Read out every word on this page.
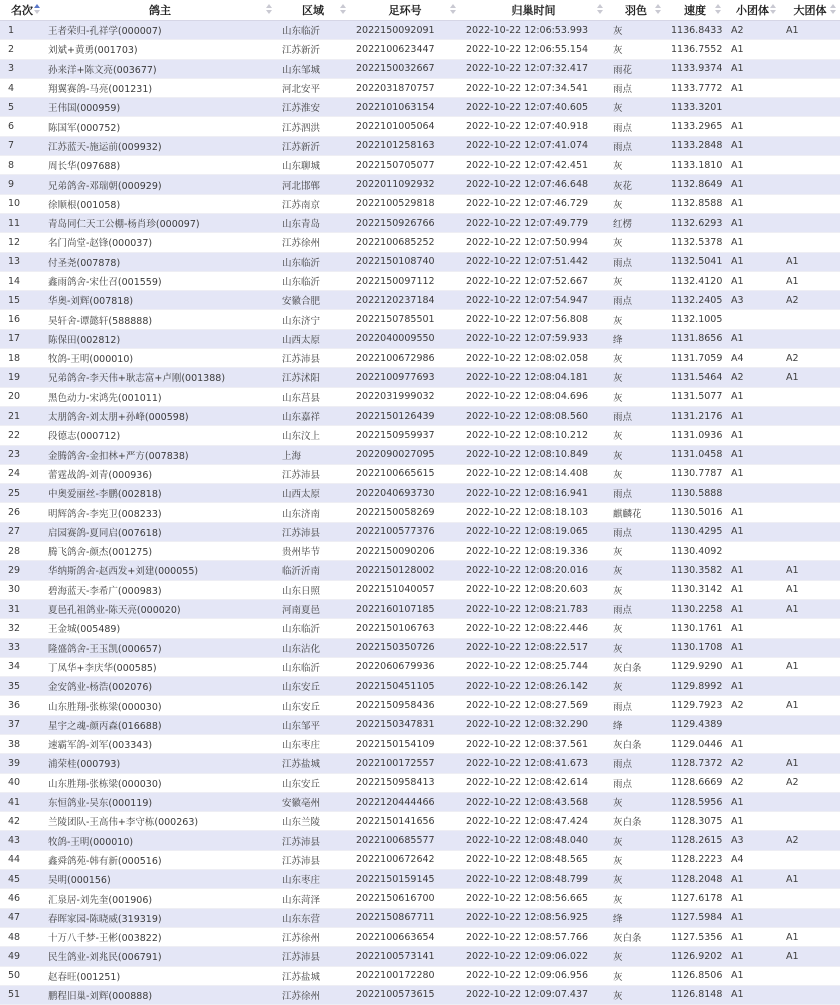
名次	鸽主	区域	足环号	归巢时间	羽色	速度	小团体	大团体

1	王者荣归-孔祥学(000007)	山东临沂	2022150092091	2022-10-22 12:06:53.993	灰	1136.8433	A2	A1
2	刘斌+黄勇(001703)	江苏新沂	2022100623447	2022-10-22 12:06:55.154	灰	1136.7552	A1	
3	孙来洋+陈文亮(003677)	山东邹城	2022150032667	2022-10-22 12:07:32.417	雨花	1133.9374	A1	
4	翔翼赛鸽-马亮(001231)	河北安平	2022031870757	2022-10-22 12:07:34.541	雨点	1133.7772	A1	
5	王伟国(000959)	江苏淮安	2022101063154	2022-10-22 12:07:40.605	灰	1133.3201		
6	陈国军(000752)	江苏泗洪	2022101005064	2022-10-22 12:07:40.918	雨点	1133.2965	A1	
7	江苏蓝天-施运前(009932)	江苏新沂	2022101258163	2022-10-22 12:07:41.074	雨点	1133.2848	A1	
8	周长华(097688)	山东聊城	2022150705077	2022-10-22 12:07:42.451	灰	1133.1810	A1	
9	兄弟鸽舍-邓瑞朝(000929)	河北邯郸	2022011092932	2022-10-22 12:07:46.648	灰花	1132.8649	A1	
10	徐顺根(001058)	江苏南京	2022100529818	2022-10-22 12:07:46.729	灰	1132.8588	A1	
11	青岛同仁天工公棚-杨肖珍(000097)	山东青岛	2022150926766	2022-10-22 12:07:49.779	红楞	1132.6293	A1	
12	名门尚堂-赵锋(000037)	江苏徐州	2022100685252	2022-10-22 12:07:50.994	灰	1132.5378	A1	
13	付圣尧(007878)	山东临沂	2022150108740	2022-10-22 12:07:51.442	雨点	1132.5041	A1	A1
14	鑫雨鸽舍-宋仕召(001559)	山东临沂	2022150097112	2022-10-22 12:07:52.667	灰	1132.4120	A1	A1
15	华奥-刘辉(007818)	安徽合肥	2022120237184	2022-10-22 12:07:54.947	雨点	1132.2405	A3	A2
16	昊轩舍-谭懿轩(588888)	山东济宁	2022150785501	2022-10-22 12:07:56.808	灰	1132.1005		
17	陈保田(002812)	山西太原	2022040009550	2022-10-22 12:07:59.933	绛	1131.8656	A1	
18	牧鸽-王明(000010)	江苏沛县	2022100672986	2022-10-22 12:08:02.058	灰	1131.7059	A4	A2
19	兄弟鸽舍-李天伟+耿志富+卢刚(001388)	江苏沭阳	2022100977693	2022-10-22 12:08:04.181	灰	1131.5464	A2	A1
20	黑色动力-宋鸿先(001011)	山东莒县	2022031999032	2022-10-22 12:08:04.696	灰	1131.5077	A1	
21	太朋鸽舍-刘太朋+孙峰(000598)	山东嘉祥	2022150126439	2022-10-22 12:08:08.560	雨点	1131.2176	A1	
22	段德志(000712)	山东汶上	2022150959937	2022-10-22 12:08:10.212	灰	1131.0936	A1	
23	金腾鸽舍-金扣林+严方(007838)	上海	2022090027095	2022-10-22 12:08:10.849	灰	1131.0458	A1	
24	蕾霆战鸽-刘青(000936)	江苏沛县	2022100665615	2022-10-22 12:08:14.408	灰	1130.7787	A1	
25	中奥爱丽丝-李鹏(002818)	山西太原	2022040693730	2022-10-22 12:08:16.941	雨点	1130.5888		
26	明辉鸽舍-李宪卫(008233)	山东济南	2022150058269	2022-10-22 12:08:18.103	麒麟花	1130.5016	A1	
27	启园赛鸽-夏同启(007618)	江苏沛县	2022100577376	2022-10-22 12:08:19.065	雨点	1130.4295	A1	
28	腾飞鸽舍-颜杰(001275)	贵州毕节	2022150090206	2022-10-22 12:08:19.336	灰	1130.4092		
29	华纳斯鸽舍-赵西发+刘建(000055)	临沂沂南	2022150128002	2022-10-22 12:08:20.016	灰	1130.3582	A1	A1
30	碧海蓝天-李希广(000983)	山东日照	2022151040057	2022-10-22 12:08:20.603	灰	1130.3142	A1	A1
31	夏邑孔祖鸽业-陈天亮(000020)	河南夏邑	2022160107185	2022-10-22 12:08:21.783	雨点	1130.2258	A1	A1
32	王金城(005489)	山东临沂	2022150106763	2022-10-22 12:08:22.446	灰	1130.1761	A1	
33	隆盛鸽舍-王玉凯(000657)	山东沾化	2022150350726	2022-10-22 12:08:22.517	灰	1130.1708	A1	
34	丁凤华+李庆华(000585)	山东临沂	2022060679936	2022-10-22 12:08:25.744	灰白条	1129.9290	A1	A1
35	金安鸽业-杨浩(002076)	山东安丘	2022150451105	2022-10-22 12:08:26.142	灰	1129.8992	A1	
36	山东胜翔-张栋梁(000030)	山东安丘	2022150958436	2022-10-22 12:08:27.569	雨点	1129.7923	A2	A1
37	星宇之魂-颜丙森(016688)	山东邹平	2022150347831	2022-10-22 12:08:32.290	绛	1129.4389		
38	速霸军鸽-刘军(003343)	山东枣庄	2022150154109	2022-10-22 12:08:37.561	灰白条	1129.0446	A1	
39	浦荣桂(000793)	江苏盐城	2022100172557	2022-10-22 12:08:41.673	雨点	1128.7372	A2	A1
40	山东胜翔-张栋梁(000030)	山东安丘	2022150958413	2022-10-22 12:08:42.614	雨点	1128.6669	A2	A2
41	东恒鸽业-吴东(000119)	安徽亳州	2022120444466	2022-10-22 12:08:43.568	灰	1128.5956	A1	
42	兰陵团队-王高伟+李守栋(000263)	山东兰陵	2022150141656	2022-10-22 12:08:47.424	灰白条	1128.3075	A1	
43	牧鸽-王明(000010)	江苏沛县	2022100685577	2022-10-22 12:08:48.040	灰	1128.2615	A3	A2
44	鑫舜鸽苑-韩有新(000516)	江苏沛县	2022100672642	2022-10-22 12:08:48.565	灰	1128.2223	A4	
45	吴明(000156)	山东枣庄	2022150159145	2022-10-22 12:08:48.799	灰	1128.2048	A1	A1
46	汇泉居-刘先奎(001906)	山东菏泽	2022150616700	2022-10-22 12:08:56.665	灰	1127.6178	A1	
47	春晖家园-陈晓威(319319)	山东东营	2022150867711	2022-10-22 12:08:56.925	绛	1127.5984	A1	
48	十万八千梦-王彬(003822)	江苏徐州	2022100663654	2022-10-22 12:08:57.766	灰白条	1127.5356	A1	A1
49	民生鸽业-刘兆民(006791)	江苏沛县	2022100573141	2022-10-22 12:09:06.022	灰	1126.9202	A1	A1
50	赵春旺(001251)	江苏盐城	2022100172280	2022-10-22 12:09:06.956	灰	1126.8506	A1	
51	鹏程旧巢-刘辉(000888)	江苏徐州	2022100573615	2022-10-22 12:09:07.437	灰	1126.8148	A1	
